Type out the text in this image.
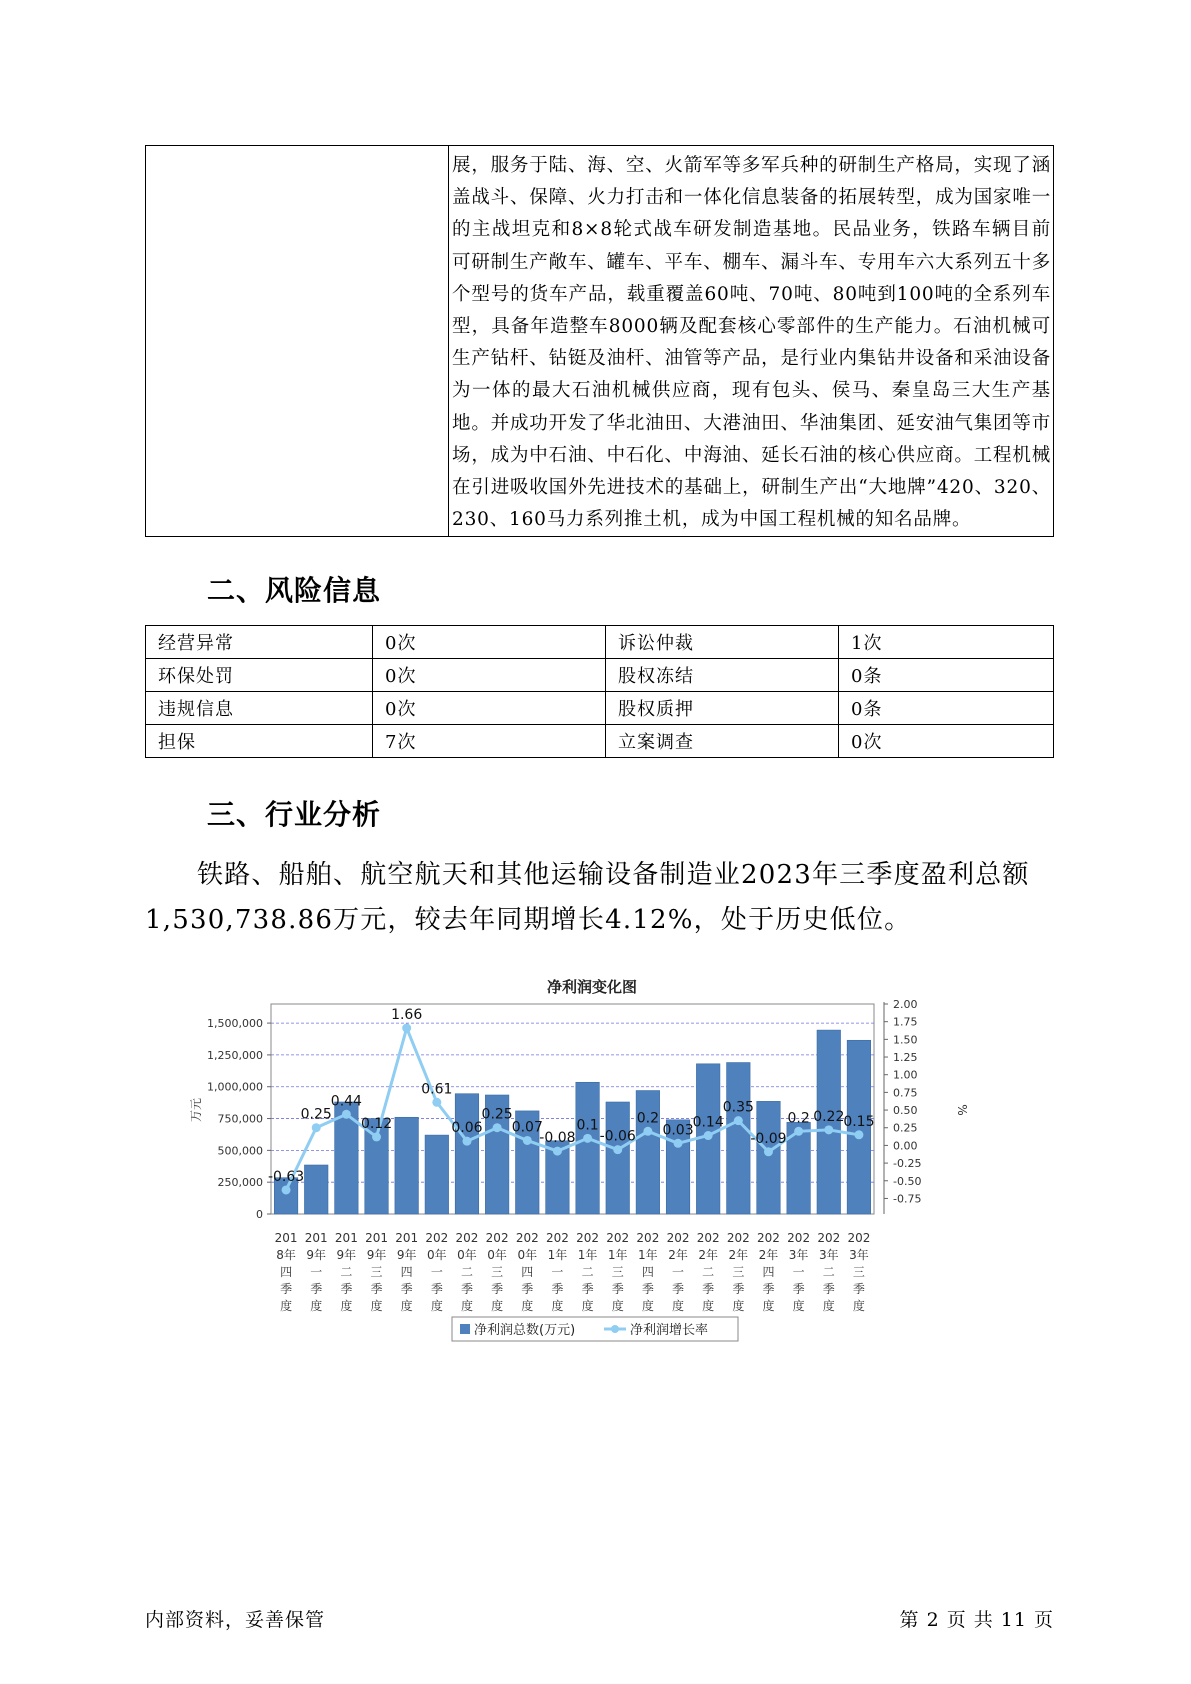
	展，服务于陆、海、空、火箭军等多军兵种的研制生产格局，实现了涵盖战斗、保障、火力打击和一体化信息装备的拓展转型，成为国家唯一的主战坦克和8×8轮式战车研发制造基地。民品业务，铁路车辆目前可研制生产敞车、罐车、平车、棚车、漏斗车、专用车六大系列五十多个型号的货车产品，载重覆盖60吨、70吨、80吨到100吨的全系列车型，具备年造整车8000辆及配套核心零部件的生产能力。石油机械可生产钻杆、钻铤及油杆、油管等产品，是行业内集钻井设备和采油设备为一体的最大石油机械供应商，现有包头、侯马、秦皇岛三大生产基地。并成功开发了华北油田、大港油田、华油集团、延安油气集团等市场，成为中石油、中石化、中海油、延长石油的核心供应商。工程机械在引进吸收国外先进技术的基础上，研制生产出“大地牌”420、320、230、160马力系列推土机，成为中国工程机械的知名品牌。
二、风险信息
经营异常	0次	诉讼仲裁	1次
环保处罚	0次	股权冻结	0条
违规信息	0次	股权质押	0条
担保	7次	立案调查	0次
三、行业分析
铁路、船舶、航空航天和其他运输设备制造业2023年三季度盈利总额1,530,738.86万元，较去年同期增长4.12%，处于历史低位。
净利润变化图
0
250,000
500,000
750,000
1,000,000
1,250,000
1,500,000
-0.75
-0.50
-0.25
0.00
0.25
0.50
0.75
1.00
1.25
1.50
1.75
2.00
万元	%
-0.63
0.25
0.44
0.12
1.66
0.61
0.06
0.25
0.07
-0.08
0.1
-0.06
0.2
0.03
0.14
0.35
-0.09
0.2 0.22
0.15
201
8年
四
季
度
201
9年
一
季
度
201
9年
二
季
度
201
9年
三
季
度
201
9年
四
季
度
202
0年
一
季
度
202
0年
二
季
度
202
0年
三
季
度
202
0年
四
季
度
202
1年
一
季
度
202
1年
二
季
度
202
1年
三
季
度
202
1年
四
季
度
202
2年
一
季
度
202
2年
二
季
度
202
2年
三
季
度
202
2年
四
季
度
202
3年
一
季
度
202
3年
二
季
度
202
3年
三
季
度
净利润总数(万元)	净利润增长率
内部资料，妥善保管	第 2 页 共 11 页
